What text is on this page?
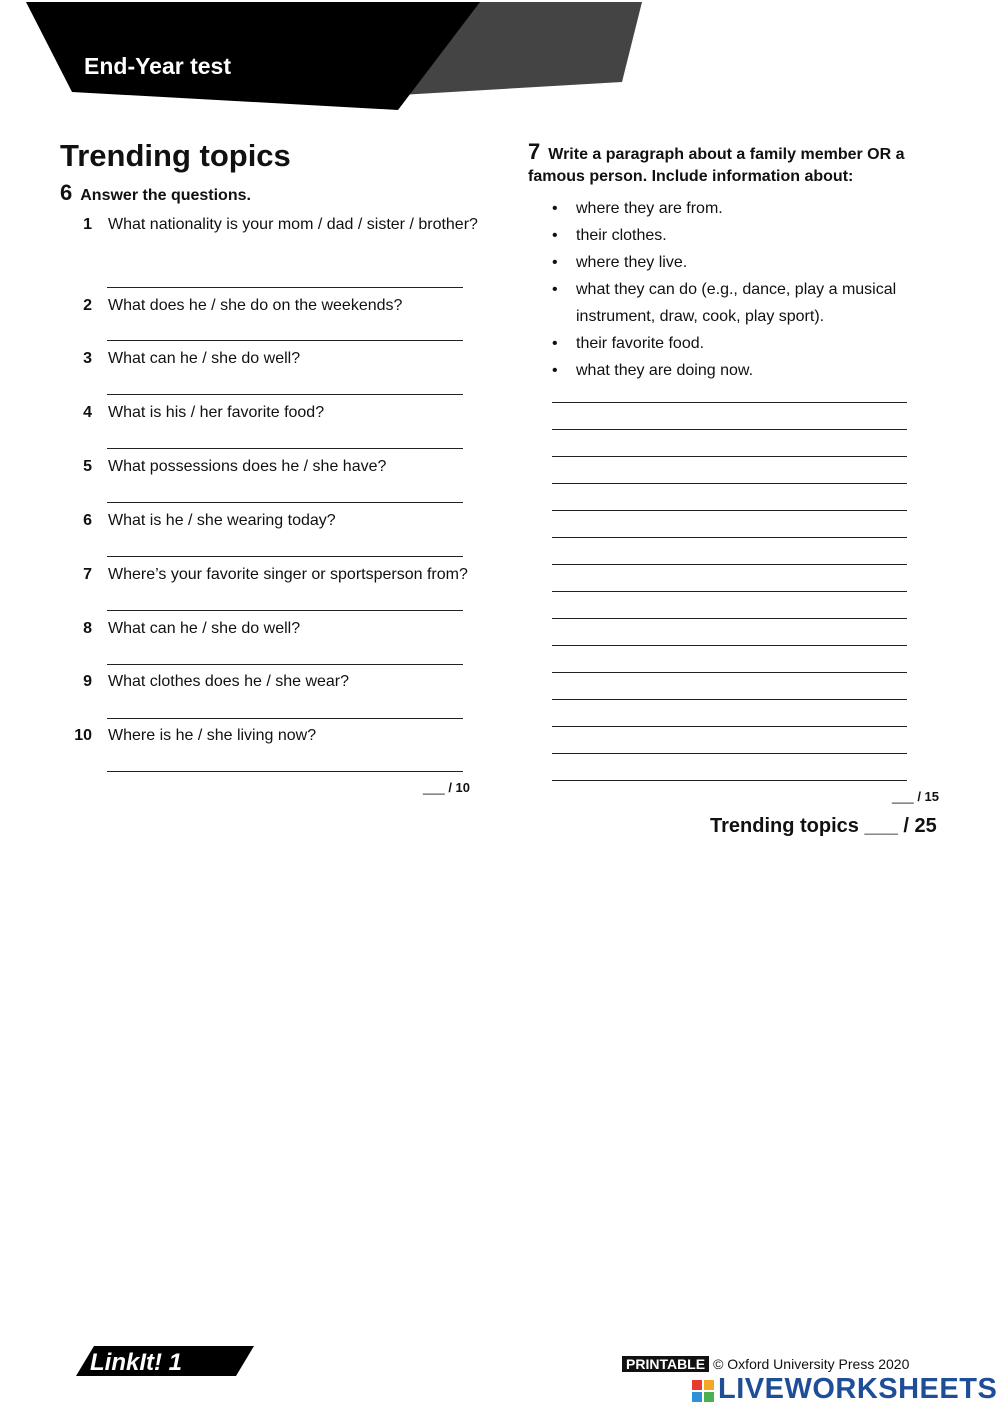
End-Year test
Trending topics
6 Answer the questions.
1 What nationality is your mom / dad / sister / brother?
2 What does he / she do on the weekends?
3 What can he / she do well?
4 What is his / her favorite food?
5 What possessions does he / she have?
6 What is he / she wearing today?
7 Where’s your favorite singer or sportsperson from?
8 What can he / she do well?
9 What clothes does he / she wear?
10 Where is he / she living now?
___ / 10
7 Write a paragraph about a family member OR a famous person. Include information about:
• where they are from.
• their clothes.
• where they live.
• what they can do (e.g., dance, play a musical instrument, draw, cook, play sport).
• their favorite food.
• what they are doing now.
___ / 15
Trending topics ___ / 25
LinkIt! 1	PRINTABLE © Oxford University Press 2020
LIVEWORKSHEETS
